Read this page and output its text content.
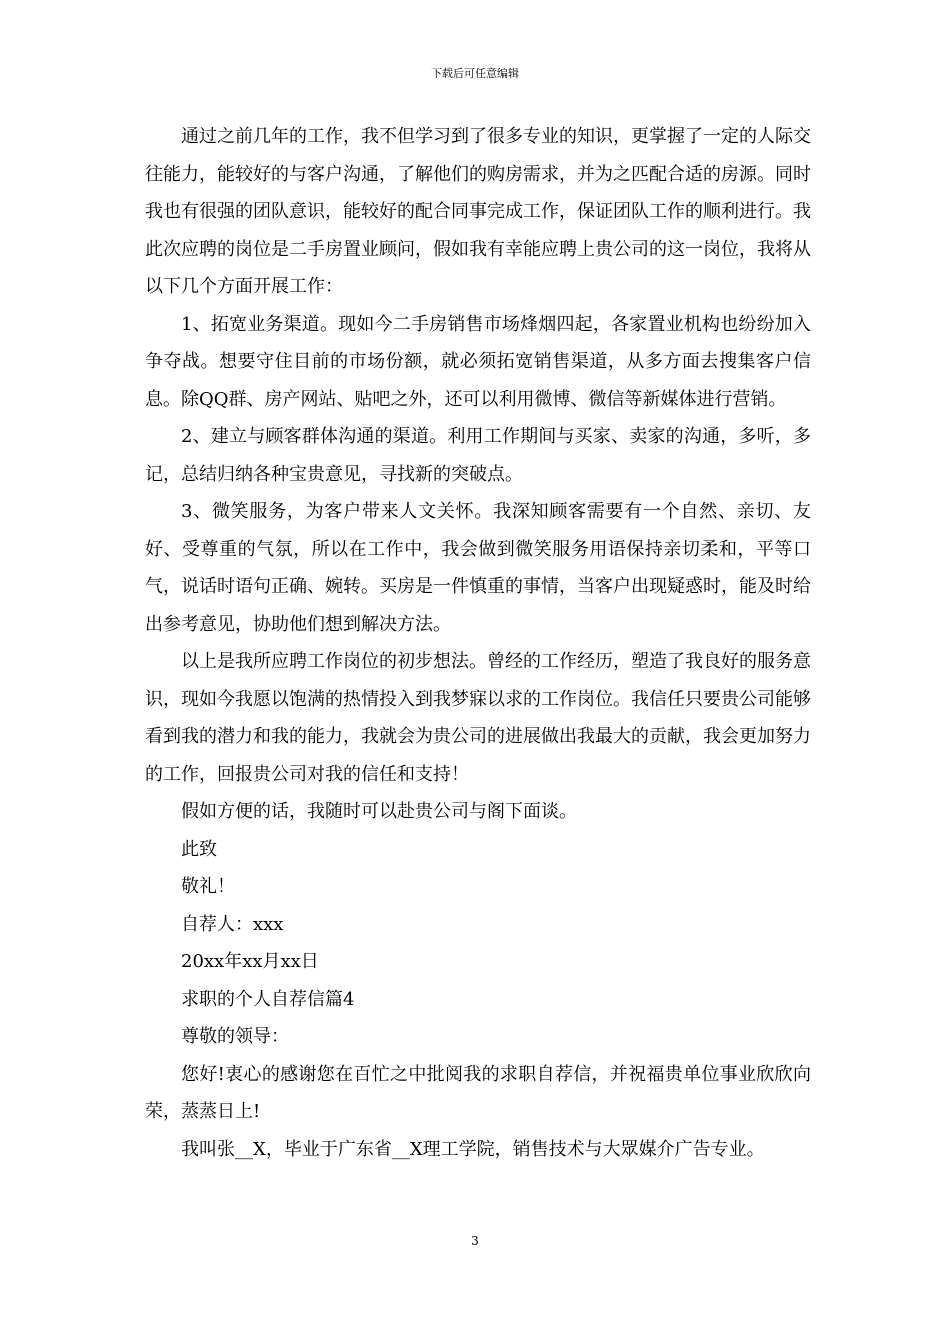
下载后可任意编辑

通过之前几年的工作，我不但学习到了很多专业的知识，更掌握了一定的人际交往能力，能较好的与客户沟通，了解他们的购房需求，并为之匹配合适的房源。同时我也有很强的团队意识，能较好的配合同事完成工作，保证团队工作的顺利进行。我此次应聘的岗位是二手房置业顾问，假如我有幸能应聘上贵公司的这一岗位，我将从以下几个方面开展工作：

1、拓宽业务渠道。现如今二手房销售市场烽烟四起，各家置业机构也纷纷加入争夺战。想要守住目前的市场份额，就必须拓宽销售渠道，从多方面去搜集客户信息。除QQ群、房产网站、贴吧之外，还可以利用微博、微信等新媒体进行营销。

2、建立与顾客群体沟通的渠道。利用工作期间与买家、卖家的沟通，多听，多记，总结归纳各种宝贵意见，寻找新的突破点。

3、微笑服务，为客户带来人文关怀。我深知顾客需要有一个自然、亲切、友好、受尊重的气氛，所以在工作中，我会做到微笑服务用语保持亲切柔和，平等口气，说话时语句正确、婉转。买房是一件慎重的事情，当客户出现疑惑时，能及时给出参考意见，协助他们想到解决方法。

以上是我所应聘工作岗位的初步想法。曾经的工作经历，塑造了我良好的服务意识，现如今我愿以饱满的热情投入到我梦寐以求的工作岗位。我信任只要贵公司能够看到我的潜力和我的能力，我就会为贵公司的进展做出我最大的贡献，我会更加努力的工作，回报贵公司对我的信任和支持！

假如方便的话，我随时可以赴贵公司与阁下面谈。

此致

敬礼！

自荐人：xxx

20xx年xx月xx日

求职的个人自荐信篇4

尊敬的领导：

您好!衷心的感谢您在百忙之中批阅我的求职自荐信，并祝福贵单位事业欣欣向荣，蒸蒸日上!

我叫张__X，毕业于广东省__X理工学院，销售技术与大眾媒介广告专业。

3
